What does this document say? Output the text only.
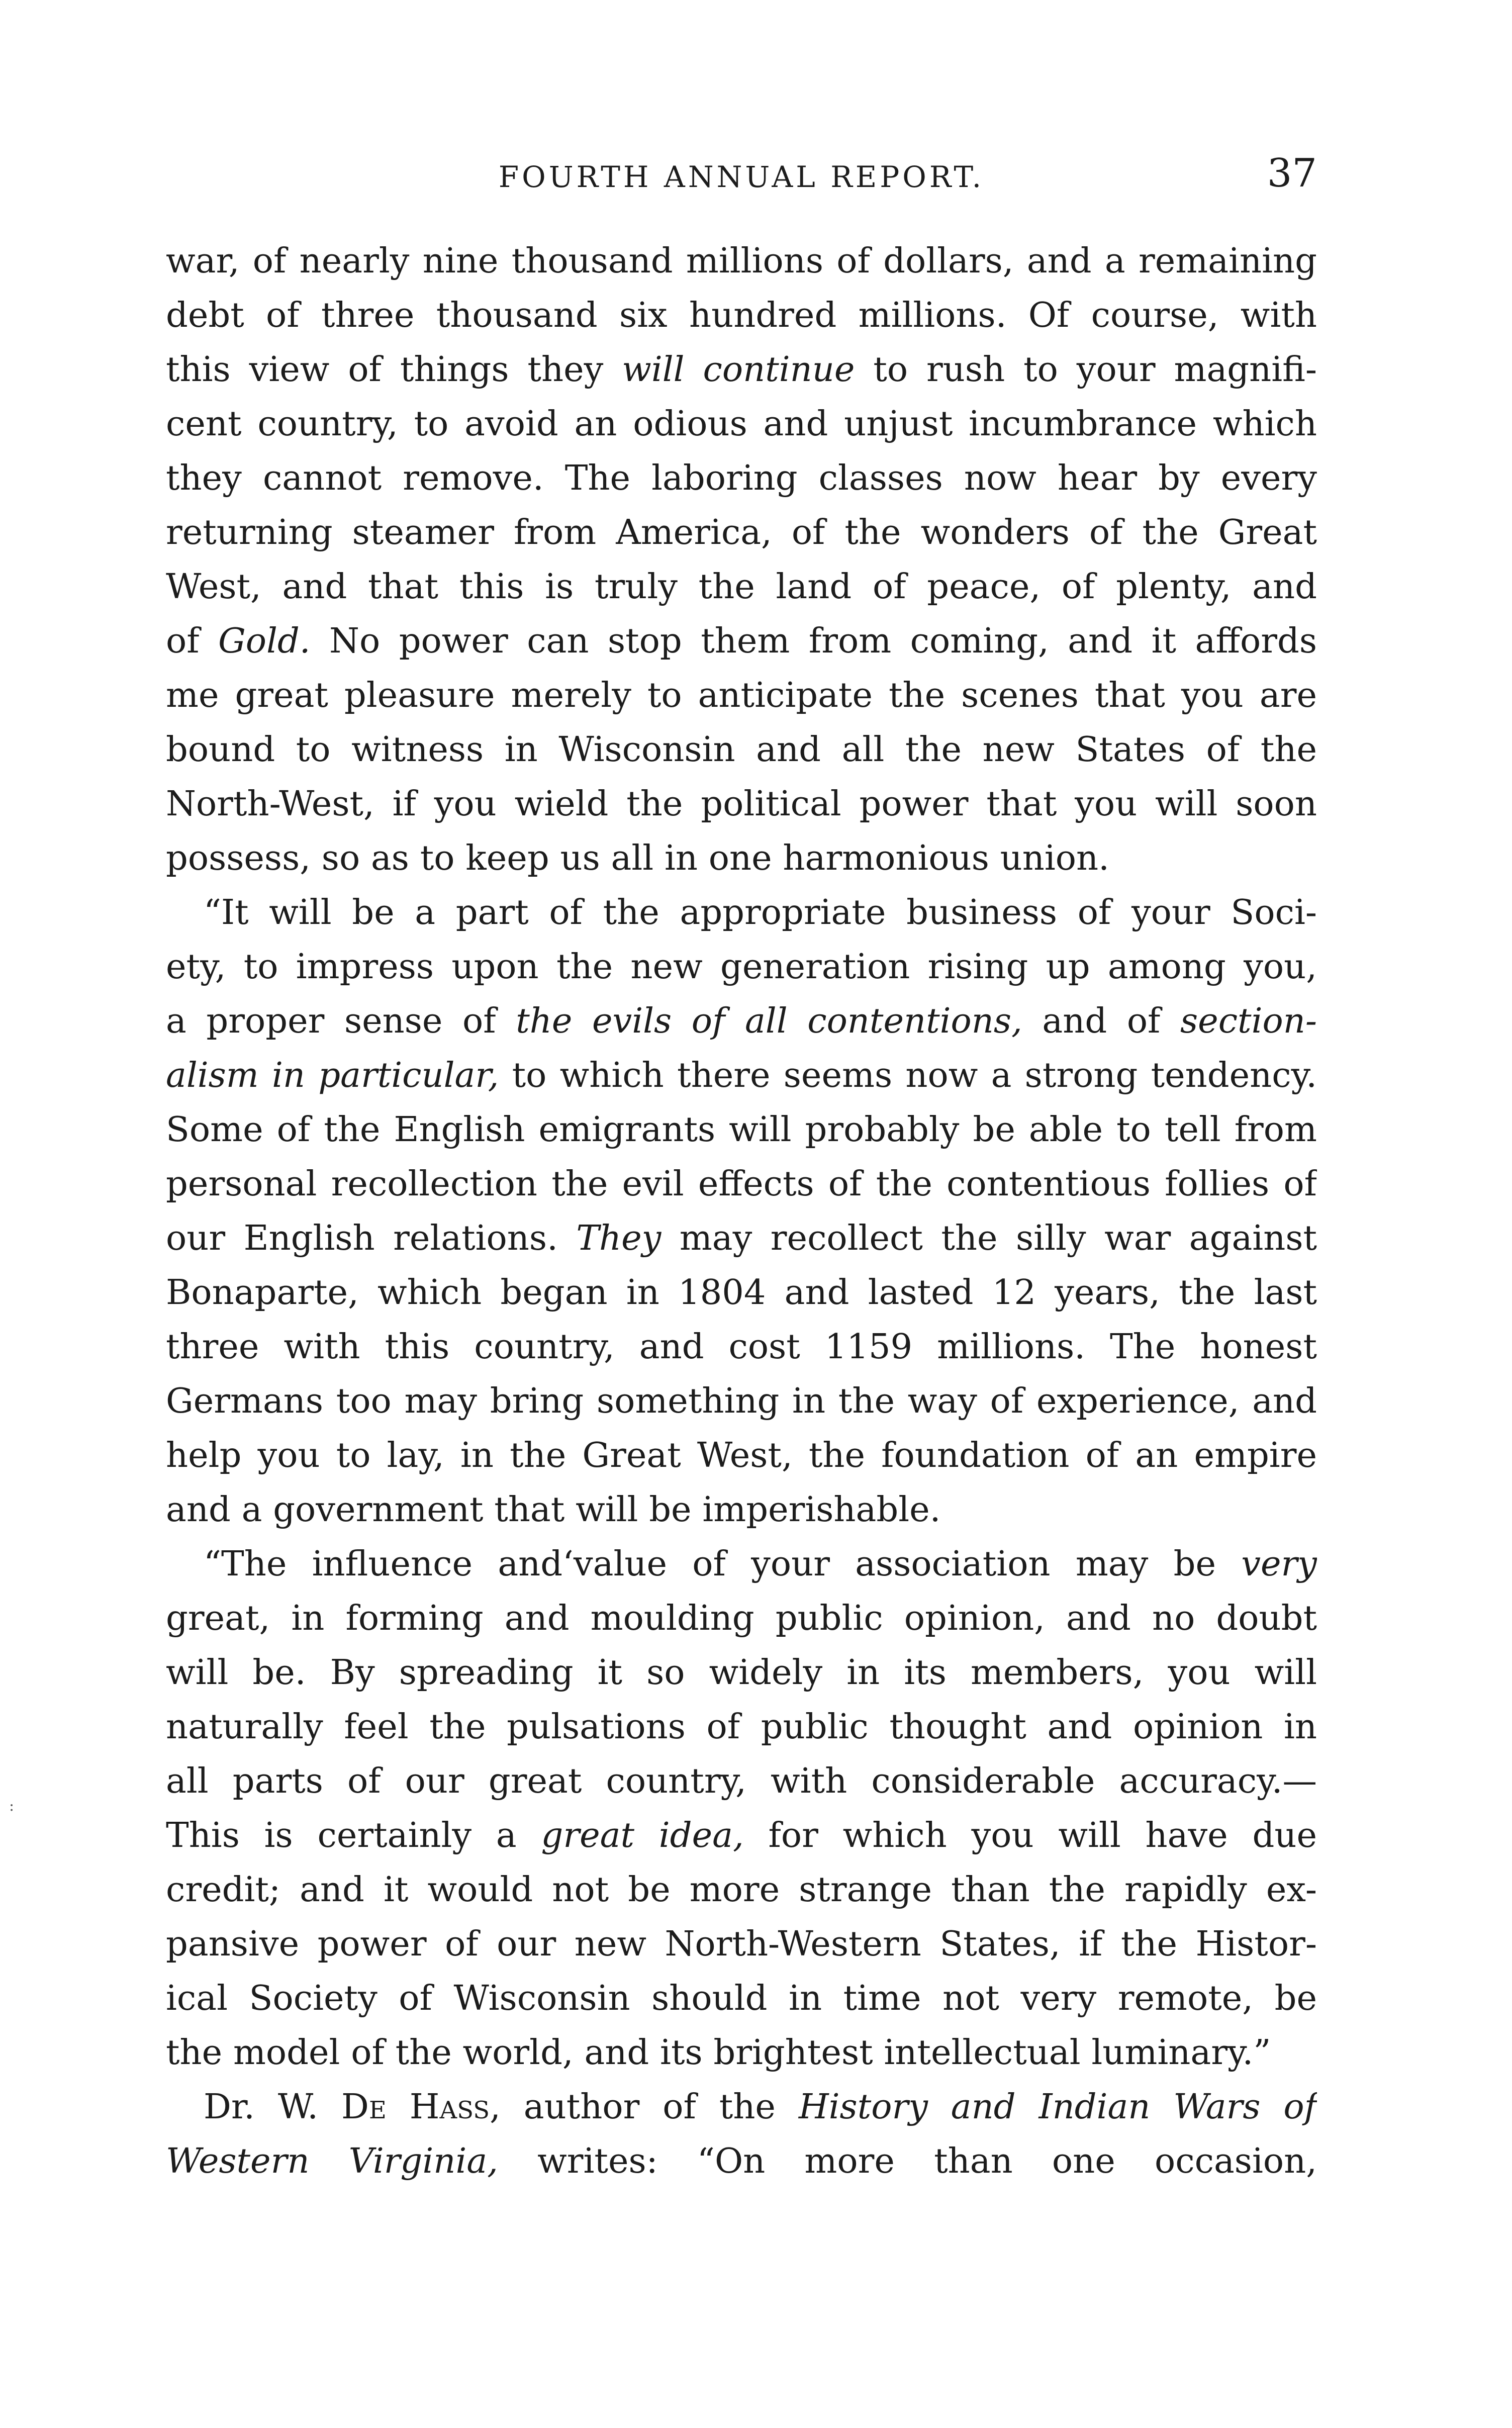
FOURTH ANNUAL REPORT.	37
:
war, of nearly nine thousand millions of dollars, and a remaining
debt of three thousand six hundred millions. Of course, with
this view of things they will continue to rush to your magnifi-
cent country, to avoid an odious and unjust incumbrance which
they cannot remove. The laboring classes now hear by every
returning steamer from America, of the wonders of the Great
West, and that this is truly the land of peace, of plenty, and
of Gold. No power can stop them from coming, and it affords
me great pleasure merely to anticipate the scenes that you are
bound to witness in Wisconsin and all the new States of the
North-West, if you wield the political power that you will soon
possess, so as to keep us all in one harmonious union.
“It will be a part of the appropriate business of your Soci-
ety, to impress upon the new generation rising up among you,
a proper sense of the evils of all contentions, and of section-
alism in particular, to which there seems now a strong tendency.
Some of the English emigrants will probably be able to tell from
personal recollection the evil effects of the contentious follies of
our English relations. They may recollect the silly war against
Bonaparte, which began in 1804 and lasted 12 years, the last
three with this country, and cost 1159 millions. The honest
Germans too may bring something in the way of experience, and
help you to lay, in the Great West, the foundation of an empire
and a government that will be imperishable.
“The influence and‘value of your association may be very
great, in forming and moulding public opinion, and no doubt
will be. By spreading it so widely in its members, you will
naturally feel the pulsations of public thought and opinion in
all parts of our great country, with considerable accuracy.—
This is certainly a great idea, for which you will have due
credit; and it would not be more strange than the rapidly ex-
pansive power of our new North-Western States, if the Histor-
ical Society of Wisconsin should in time not very remote, be
the model of the world, and its brightest intellectual luminary.”
Dr. W. De Hass, author of the History and Indian Wars of
Western Virginia, writes: “On more than one occasion,
